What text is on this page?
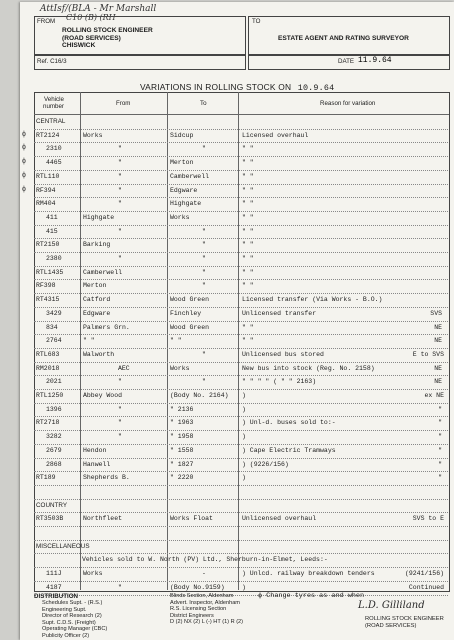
AttIsf/(BLA - Mr Marshall
C10 (B) (RH
FROM
ROLLING STOCK ENGINEER
(ROAD SERVICES)
CHISWICK
TO
ESTATE AGENT AND RATING SURVEYOR
Ref. C16/3	DATE 11.9.64
VARIATIONS IN ROLLING STOCK ON 10.9.64
Vehicle
number	From	To	Reason for variation
CENTRAL
ɸ RT2124	Works	Sidcup	Licensed overhaul
ɸ	2310	"	"	" "
ɸ	4465	"	Merton	" "
ɸ RTL110	"	Camberwell	" "
ɸ RF394	"	Edgware	" "
RM404	"	Highgate	" "
411	Highgate	Works	" "
415	"	"	" "
RT2150	Barking	"	" "
2380	"	"	" "
RTL1435	Camberwell	"	" "
RF398	Merton	"	" "
RT4315	Catford	Wood Green	Licensed transfer (Via Works - B.O.)
3429	Edgware	Finchley	Unlicensed transfer	SVS
834	Palmers Grn.	Wood Green	" "	NE
2764	" "	" "	" "	NE
RTL683	Walworth	"	Unlicensed bus stored	E to SVS
RM2018	AEC	Works	New bus into stock (Reg. No. 2158)	NE
2021	"	"	" " " " ( " " 2163)	NE
RTL1250	Abbey Wood	(Body No. 2164) )	ex NE
1396	"	" 2136	)	"
RT2718	"	" 1963	) Unl-d. buses sold to:-	"
3282	"	" 1958	)	"
2679	Hendon	" 1558	) Cape Electric Tramways	"
2868	Hanwell	" 1827	) (9226/156)	"
RT189	Shepherds B.	" 2220	)	"
COUNTRY
RT3503B	Northfleet	Works Float	Unlicensed overhaul	SVS to E
MISCELLANEOUS
Vehicles sold to W. North (PV) Ltd., Sherburn-in-Elmet, Leeds:-
111J	Works	-	) Unlcd. railway breakdown tenders	(9241/156)
4187	"	(Body No.9159)	)	Continued
DISTRIBUTION
Schedules Supt. - (R.S.)
Engineering Supt.
Director of Research (2)
Supt. C.D.S. (Freight)
Operating Manager (CBC)
Publicity Officer (2)
Blinds Section, Aldenham
Advert. Inspector, Aldenham
R.S. Licensing Section
District Engineers
D (2) NX (2) L (-) HT (1) R (2)
ɸ Change tyres as and when
L.D. Gilliland
ROLLING STOCK ENGINEER
(ROAD SERVICES)
